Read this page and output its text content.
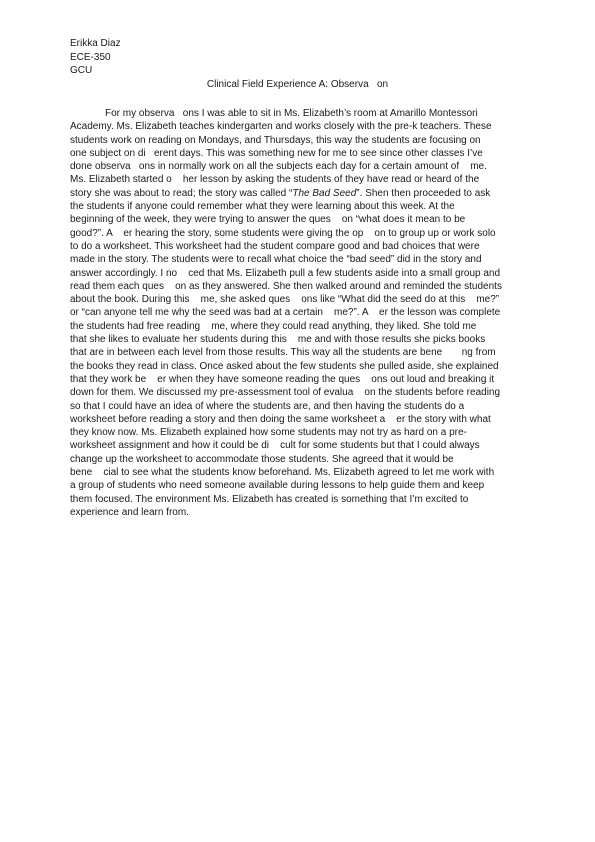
Erikka Diaz
ECE-350
GCU
Clinical Field Experience A: Observa   on
For my observa   ons I was able to sit in Ms. Elizabeth’s room at Amarillo Montessori
Academy. Ms. Elizabeth teaches kindergarten and works closely with the pre-k teachers. These
students work on reading on Mondays, and Thursdays, this way the students are focusing on
one subject on di   erent days. This was something new for me to see since other classes I’ve
done observa   ons in normally work on all the subjects each day for a certain amount of    me.
Ms. Elizabeth started o    her lesson by asking the students of they have read or heard of the
story she was about to read; the story was called “The Bad Seed”. Shen then proceeded to ask
the students if anyone could remember what they were learning about this week. At the
beginning of the week, they were trying to answer the ques    on “what does it mean to be
good?”. A    er hearing the story, some students were giving the op    on to group up or work solo
to do a worksheet. This worksheet had the student compare good and bad choices that were
made in the story. The students were to recall what choice the “bad seed” did in the story and
answer accordingly. I no    ced that Ms. Elizabeth pull a few students aside into a small group and
read them each ques    on as they answered. She then walked around and reminded the students
about the book. During this    me, she asked ques    ons like “What did the seed do at this    me?”
or “can anyone tell me why the seed was bad at a certain    me?”. A    er the lesson was complete
the students had free reading    me, where they could read anything, they liked. She told me
that she likes to evaluate her students during this    me and with those results she picks books
that are in between each level from those results. This way all the students are bene       ng from
the books they read in class. Once asked about the few students she pulled aside, she explained
that they work be    er when they have someone reading the ques    ons out loud and breaking it
down for them. We discussed my pre-assessment tool of evalua    on the students before reading
so that I could have an idea of where the students are, and then having the students do a
worksheet before reading a story and then doing the same worksheet a    er the story with what
they know now. Ms. Elizabeth explained how some students may not try as hard on a pre-
worksheet assignment and how it could be di    cult for some students but that I could always
change up the worksheet to accommodate those students. She agreed that it would be
bene    cial to see what the students know beforehand. Ms. Elizabeth agreed to let me work with
a group of students who need someone available during lessons to help guide them and keep
them focused. The environment Ms. Elizabeth has created is something that I’m excited to
experience and learn from.
